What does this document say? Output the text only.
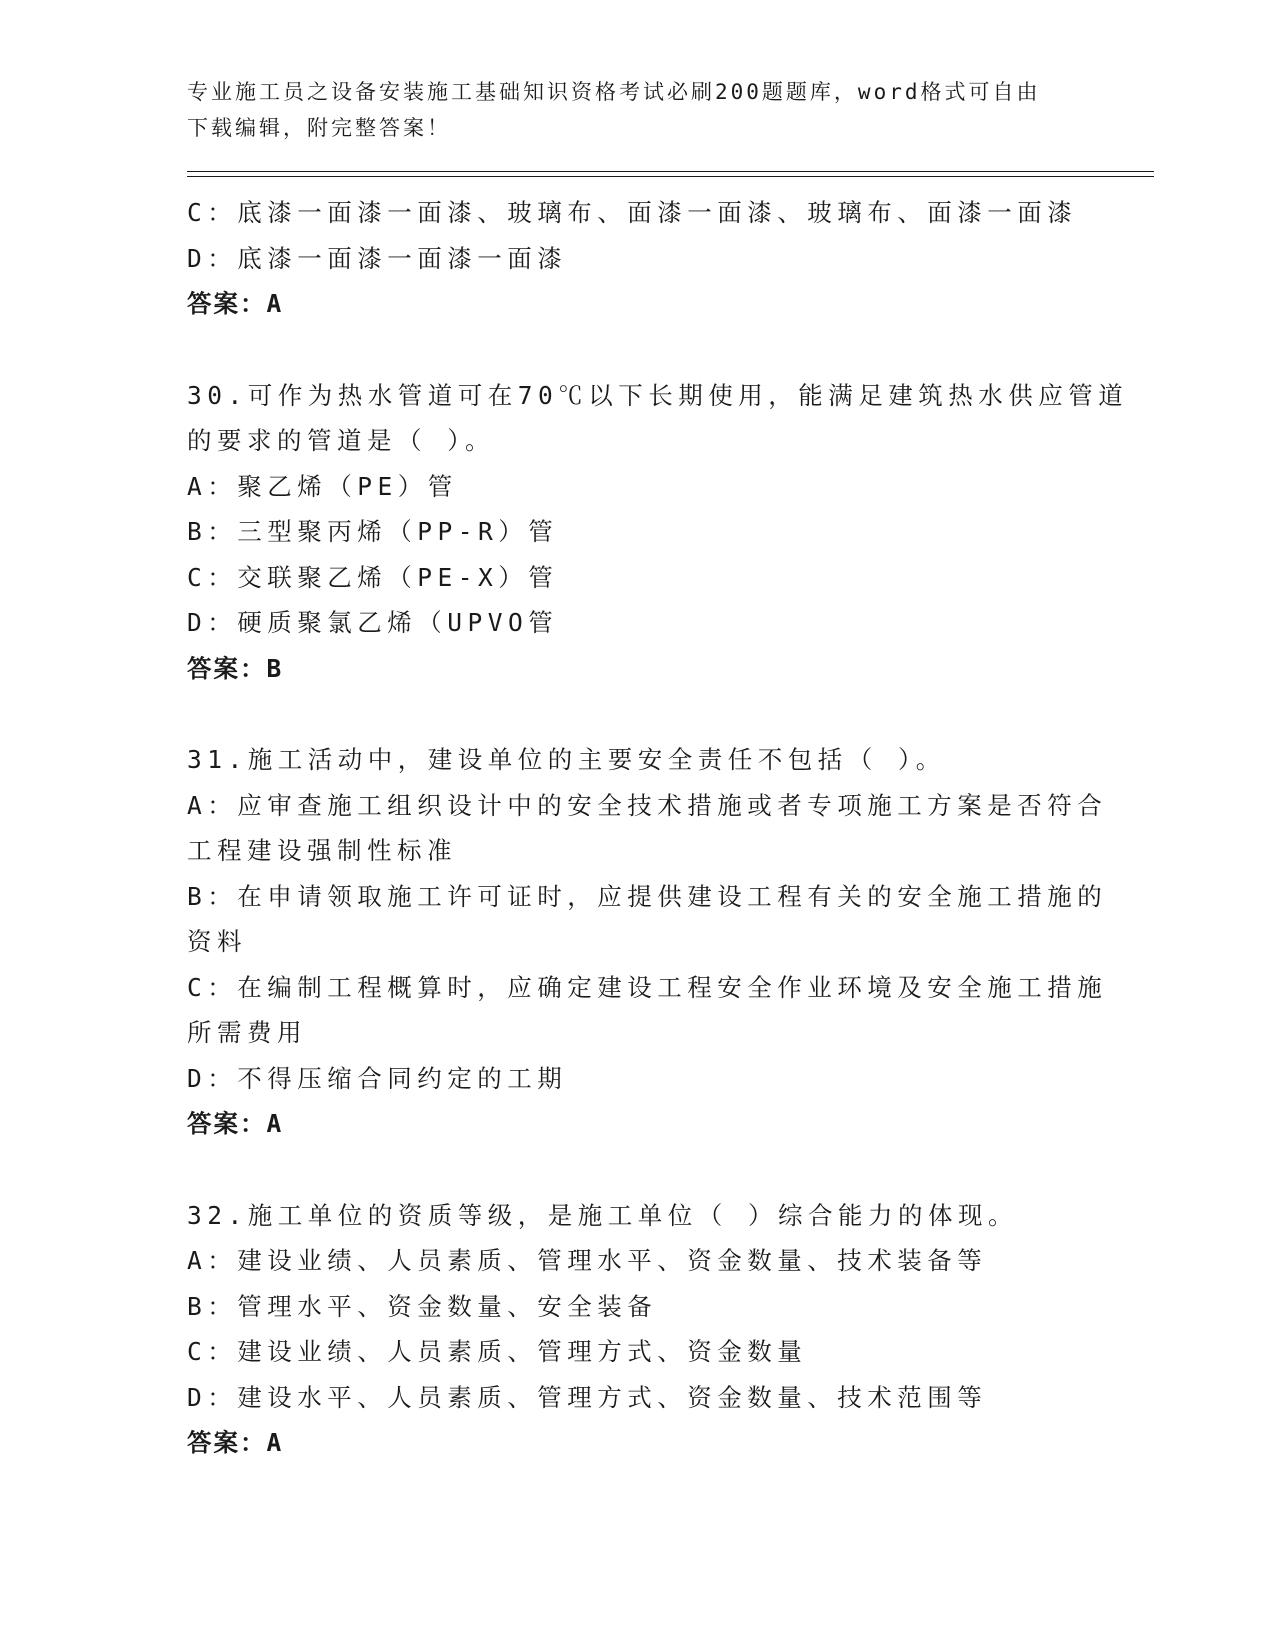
专业施工员之设备安装施工基础知识资格考试必刷200题题库，word格式可自由
下载编辑，附完整答案！
C：底漆一面漆一面漆、玻璃布、面漆一面漆、玻璃布、面漆一面漆
D：底漆一面漆一面漆一面漆
答案：A
30.可作为热水管道可在70℃以下长期使用，能满足建筑热水供应管道
的要求的管道是（ ）。
A：聚乙烯（PE）管
B：三型聚丙烯（PP-R）管
C：交联聚乙烯（PE-X）管
D：硬质聚氯乙烯（UPVO管
答案：B
31.施工活动中，建设单位的主要安全责任不包括（ ）。
A：应审查施工组织设计中的安全技术措施或者专项施工方案是否符合
工程建设强制性标准
B：在申请领取施工许可证时，应提供建设工程有关的安全施工措施的
资料
C：在编制工程概算时，应确定建设工程安全作业环境及安全施工措施
所需费用
D：不得压缩合同约定的工期
答案：A
32.施工单位的资质等级，是施工单位（ ）综合能力的体现。
A：建设业绩、人员素质、管理水平、资金数量、技术装备等
B：管理水平、资金数量、安全装备
C：建设业绩、人员素质、管理方式、资金数量
D：建设水平、人员素质、管理方式、资金数量、技术范围等
答案：A
